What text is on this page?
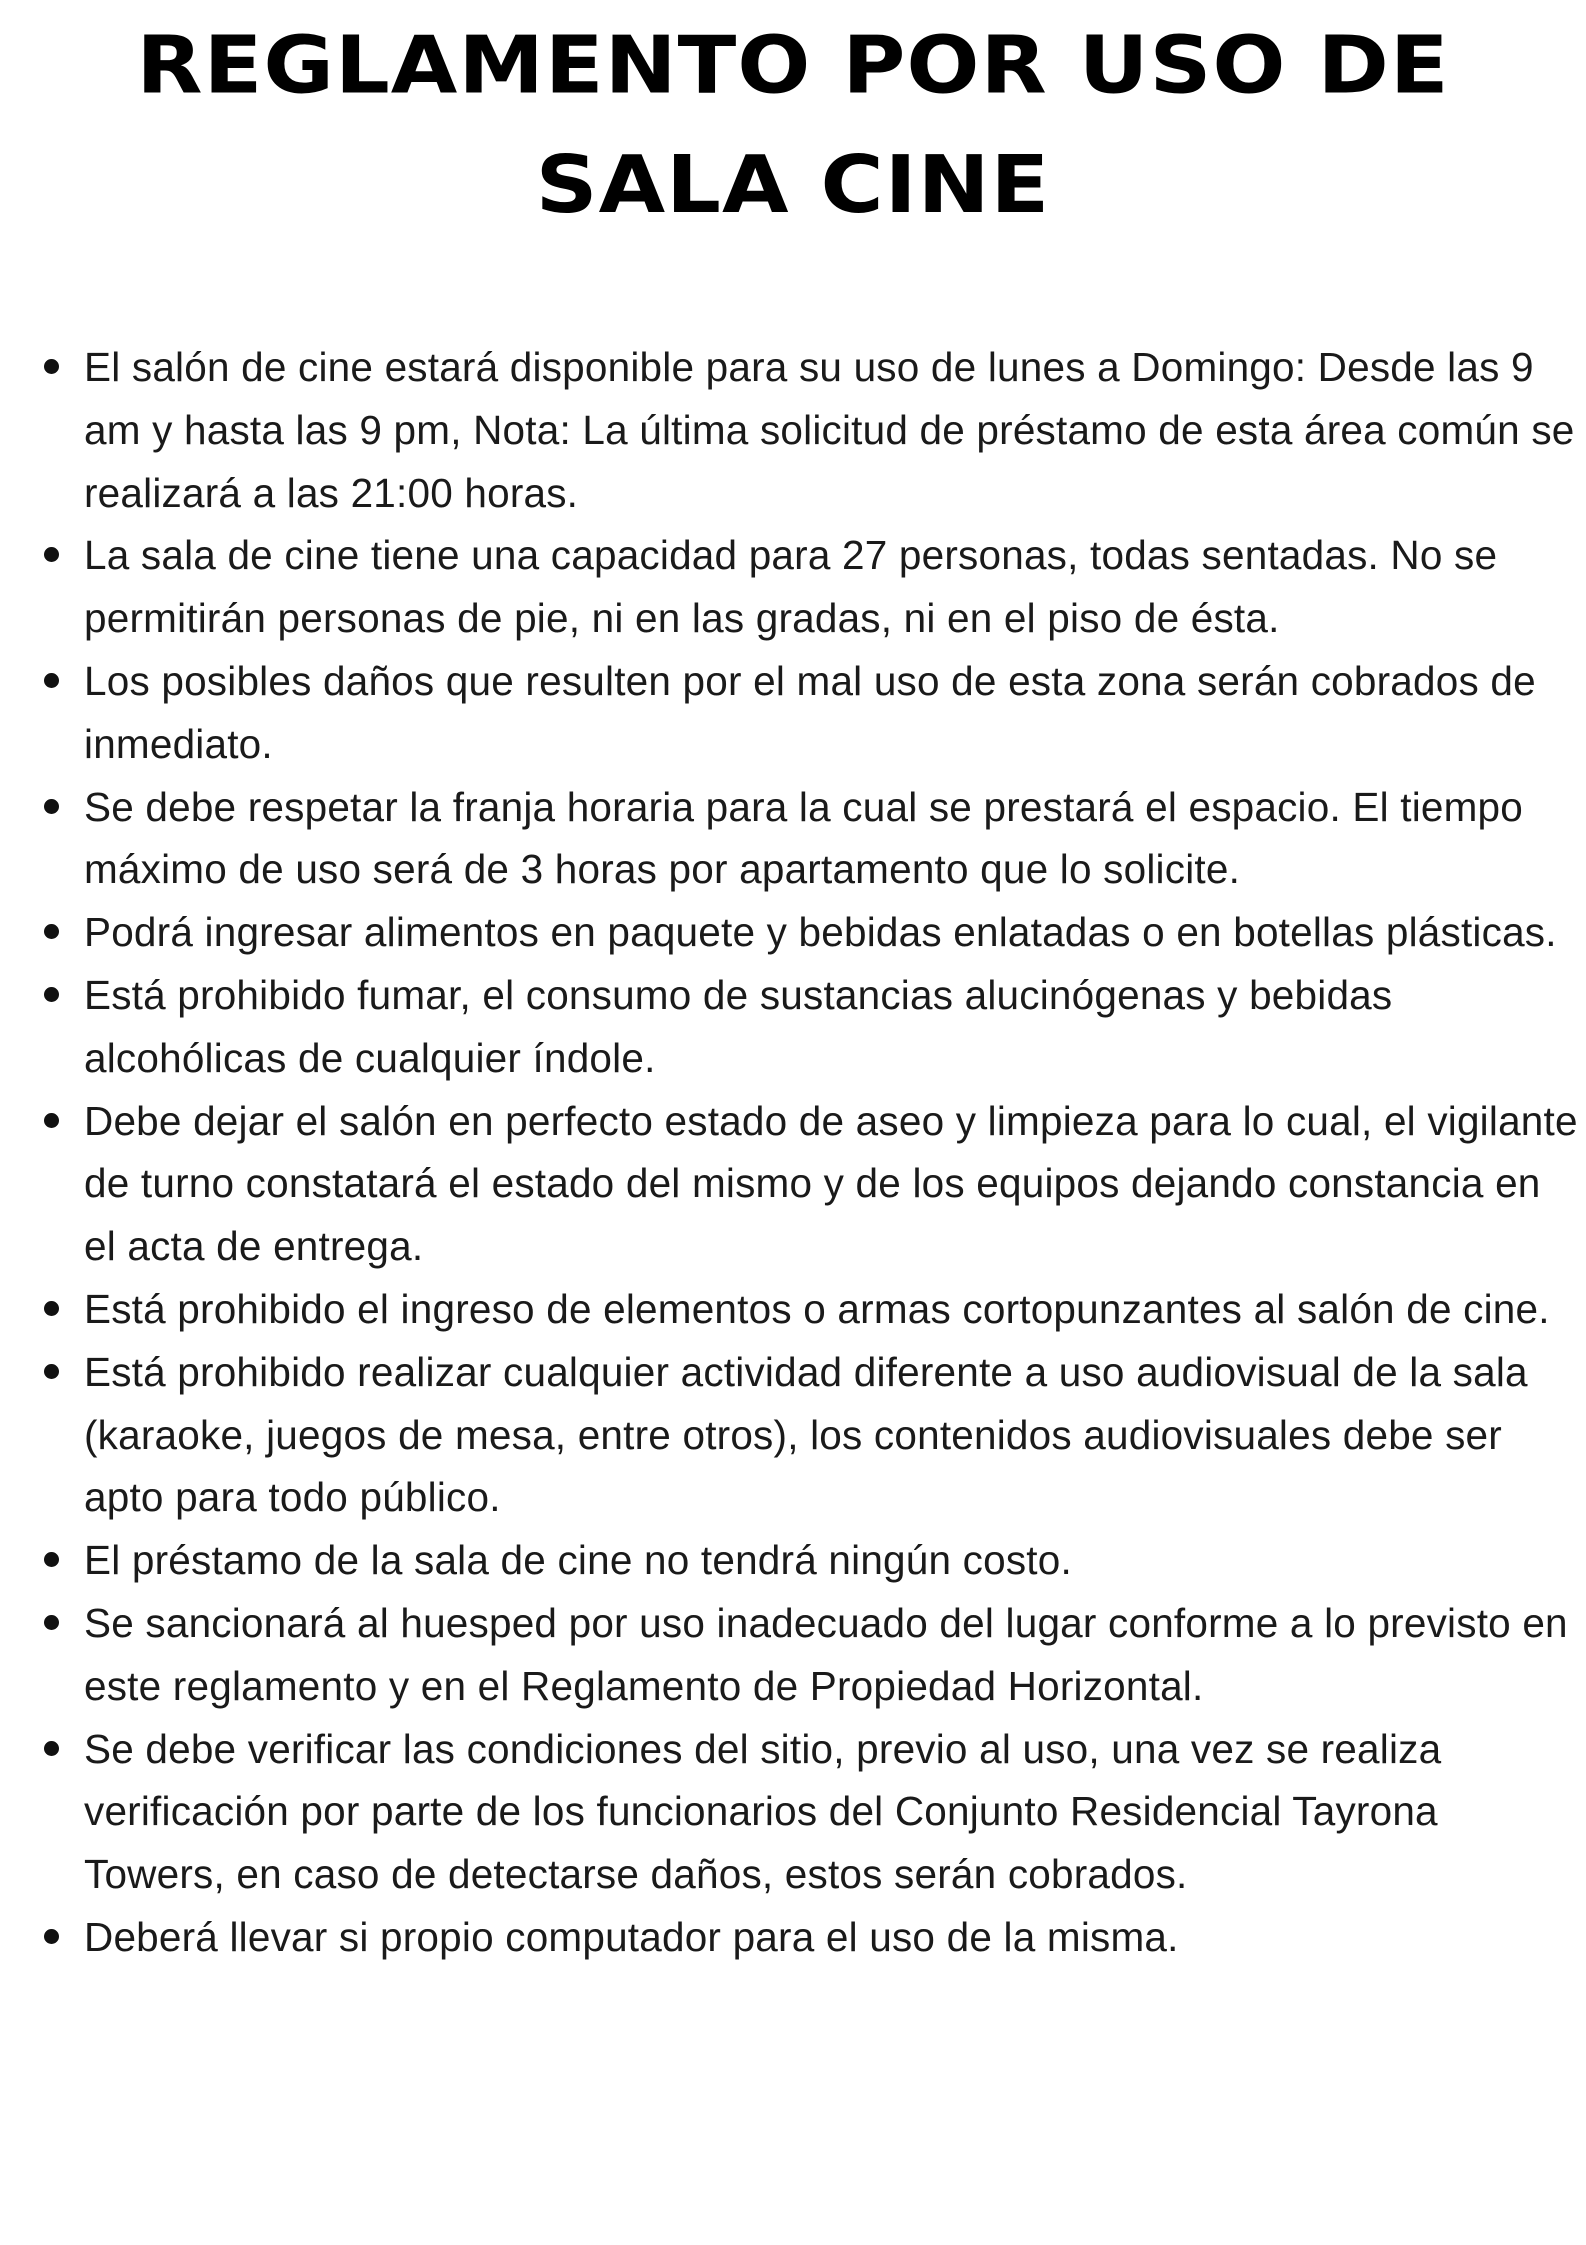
REGLAMENTO POR USO DE
SALA CINE
El salón de cine estará disponible para su uso de lunes a Domingo: Desde las 9 am y hasta las 9 pm, Nota: La última solicitud de préstamo de esta área común se realizará a las 21:00 horas.
La sala de cine tiene una capacidad para 27 personas, todas sentadas. No se permitirán personas de pie, ni en las gradas, ni en el piso de ésta.
Los posibles daños que resulten por el mal uso de esta zona serán cobrados de inmediato.
Se debe respetar la franja horaria para la cual se prestará el espacio. El tiempo máximo de uso será de 3 horas por apartamento que lo solicite.
Podrá ingresar alimentos en paquete y bebidas enlatadas o en botellas plásticas.
Está prohibido fumar, el consumo de sustancias alucinógenas y bebidas alcohólicas de cualquier índole.
Debe dejar el salón en perfecto estado de aseo y limpieza para lo cual, el vigilante de turno constatará el estado del mismo y de los equipos dejando constancia en el acta de entrega.
Está prohibido el ingreso de elementos o armas cortopunzantes al salón de cine.
Está prohibido realizar cualquier actividad diferente a uso audiovisual de la sala (karaoke, juegos de mesa, entre otros), los contenidos audiovisuales debe ser apto para todo público.
El préstamo de la sala de cine no tendrá ningún costo.
Se sancionará al huesped por uso inadecuado del lugar conforme a lo previsto en este reglamento y en el Reglamento de Propiedad Horizontal.
Se debe verificar las condiciones del sitio, previo al uso, una vez se realiza verificación por parte de los funcionarios del Conjunto Residencial Tayrona Towers, en caso de detectarse daños, estos serán cobrados.
Deberá llevar si propio computador para el uso de la misma.
